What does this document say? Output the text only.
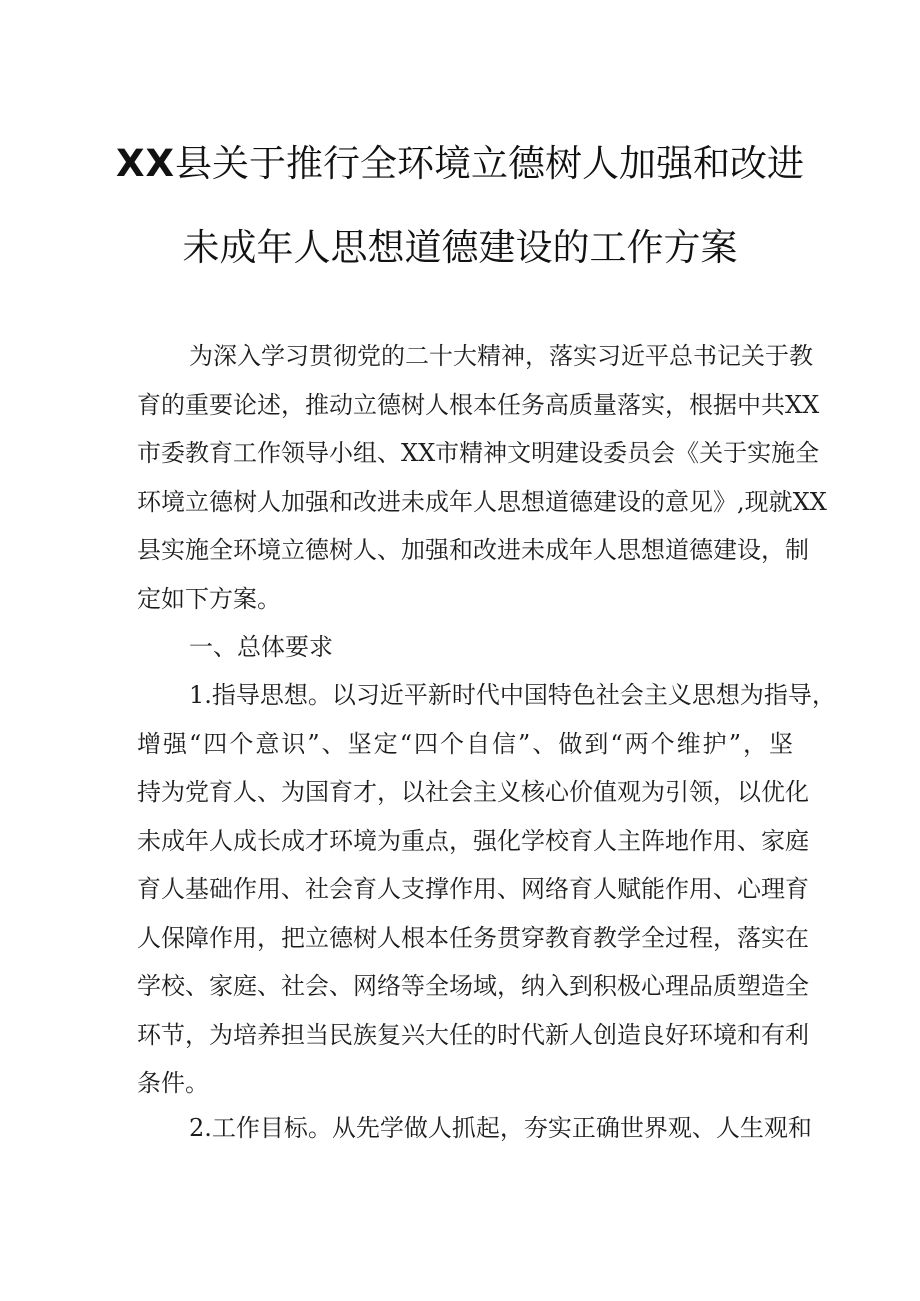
XX县关于推行全环境立德树人加强和改进
未成年人思想道德建设的工作方案
为深入学习贯彻党的二十大精神，落实习近平总书记关于教
育的重要论述，推动立德树人根本任务高质量落实，根据中共XX
市委教育工作领导小组、XX市精神文明建设委员会《关于实施全
环境立德树人加强和改进未成年人思想道德建设的意见》,现就XX
县实施全环境立德树人、加强和改进未成年人思想道德建设，制
定如下方案。
一、总体要求
1.指导思想。以习近平新时代中国特色社会主义思想为指导，
增强“四个意识”、坚定“四个自信”、做到“两个维护”，坚
持为党育人、为国育才，以社会主义核心价值观为引领，以优化
未成年人成长成才环境为重点，强化学校育人主阵地作用、家庭
育人基础作用、社会育人支撑作用、网络育人赋能作用、心理育
人保障作用，把立德树人根本任务贯穿教育教学全过程，落实在
学校、家庭、社会、网络等全场域，纳入到积极心理品质塑造全
环节，为培养担当民族复兴大任的时代新人创造良好环境和有利
条件。
2.工作目标。从先学做人抓起，夯实正确世界观、人生观和
